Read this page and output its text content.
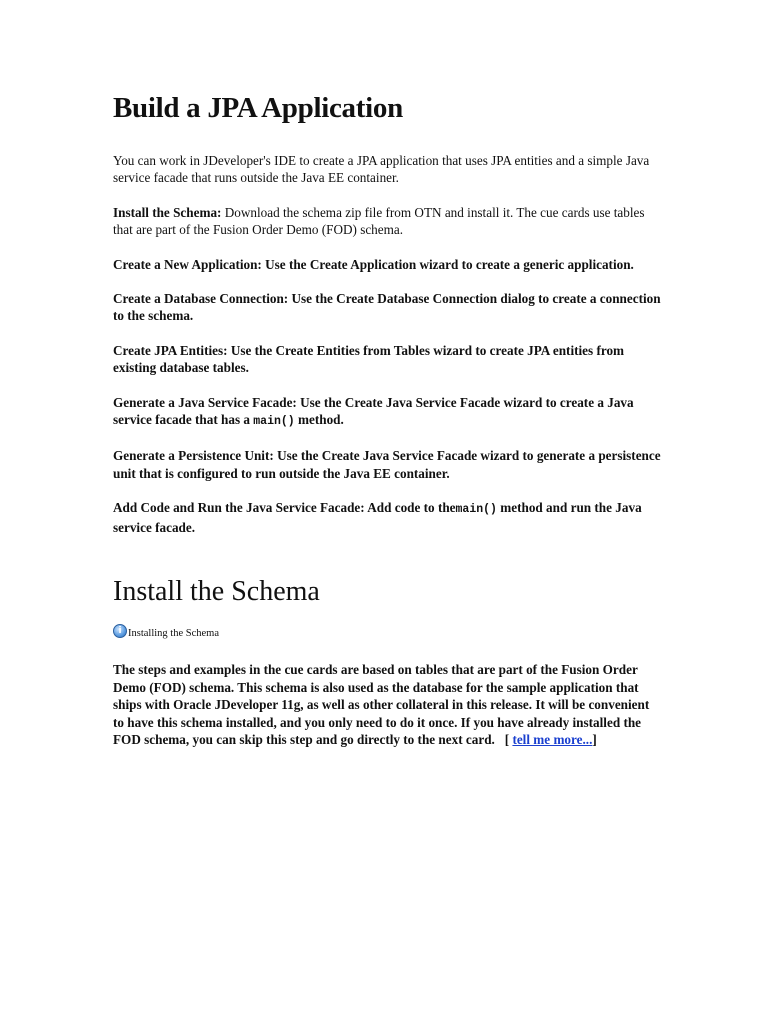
Build a JPA Application

You can work in JDeveloper's IDE to create a JPA application that uses JPA entities and a simple Java service facade that runs outside the Java EE container.

Install the Schema: Download the schema zip file from OTN and install it. The cue cards use tables that are part of the Fusion Order Demo (FOD) schema.

Create a New Application: Use the Create Application wizard to create a generic application.

Create a Database Connection: Use the Create Database Connection dialog to create a connection to the schema.

Create JPA Entities: Use the Create Entities from Tables wizard to create JPA entities from existing database tables.

Generate a Java Service Facade: Use the Create Java Service Facade wizard to create a Java service facade that has a main() method.

Generate a Persistence Unit: Use the Create Java Service Facade wizard to generate a persistence unit that is configured to run outside the Java EE container.

Add Code and Run the Java Service Facade: Add code to themain() method and run the Java service facade.

Install the Schema
i Installing the Schema

The steps and examples in the cue cards are based on tables that are part of the Fusion Order Demo (FOD) schema. This schema is also used as the database for the sample application that ships with Oracle JDeveloper 11g, as well as other collateral in this release. It will be convenient to have this schema installed, and you only need to do it once. If you have already installed the FOD schema, you can skip this step and go directly to the next card.   [ tell me more...]
